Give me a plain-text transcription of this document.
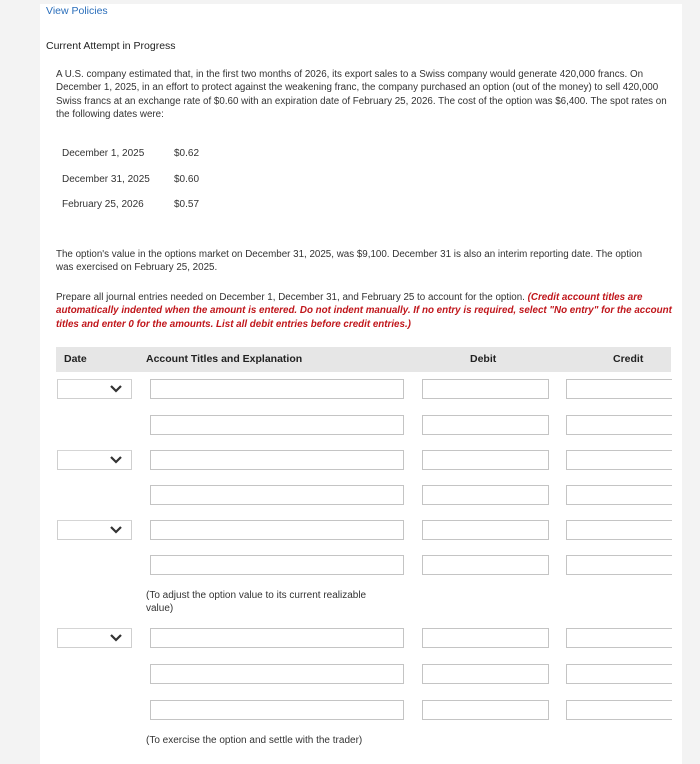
View Policies
Current Attempt in Progress
A U.S. company estimated that, in the first two months of 2026, its export sales to a Swiss company would generate 420,000 francs. On December 1, 2025, in an effort to protect against the weakening franc, the company purchased an option (out of the money) to sell 420,000 Swiss francs at an exchange rate of $0.60 with an expiration date of February 25, 2026. The cost of the option was $6,400. The spot rates on the following dates were:
December 1, 2025	$0.62
December 31, 2025 $0.60
February 25, 2026	$0.57
The option's value in the options market on December 31, 2025, was $9,100. December 31 is also an interim reporting date. The option was exercised on February 25, 2025.
Prepare all journal entries needed on December 1, December 31, and February 25 to account for the option. (Credit account titles are automatically indented when the amount is entered. Do not indent manually. If no entry is required, select "No entry" for the account titles and enter 0 for the amounts. List all debit entries before credit entries.)
Date	Account Titles and Explanation	Debit	Credit
(To adjust the option value to its current realizable value)
(To exercise the option and settle with the trader)
